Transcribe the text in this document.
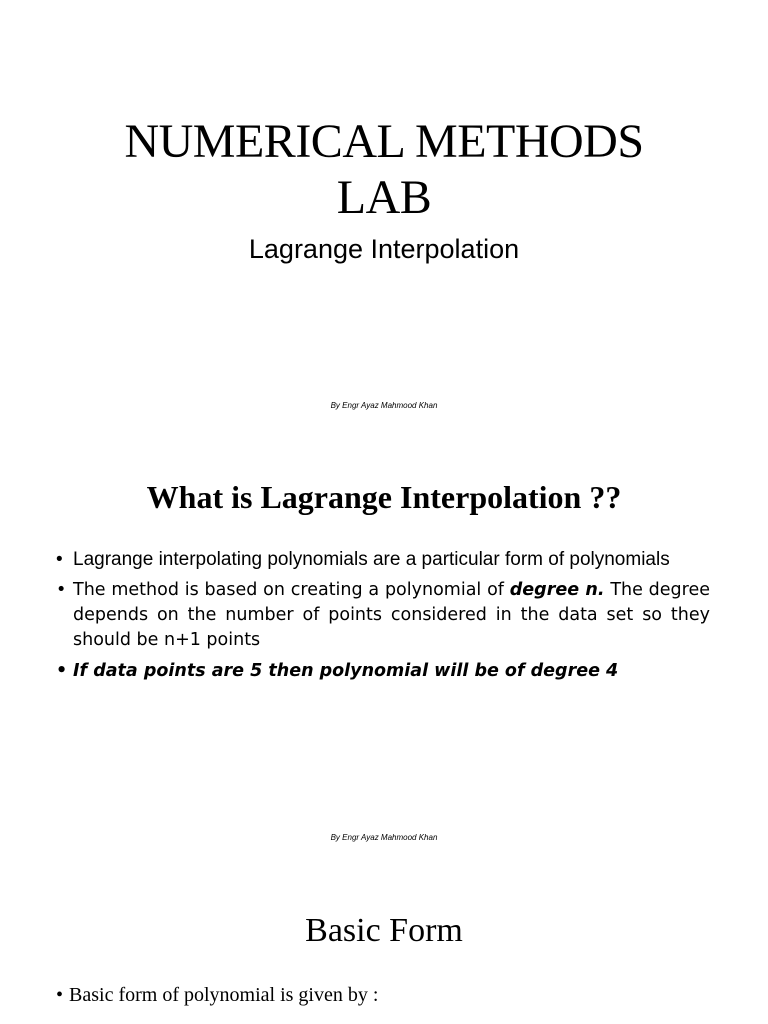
NUMERICAL METHODS
LAB
Lagrange Interpolation
By Engr Ayaz Mahmood Khan
What is Lagrange Interpolation ??
• Lagrange interpolating polynomials are a particular form of polynomials
• The method is based on creating a polynomial of degree n. The degree depends on the number of points considered in the data set so they should be n+1 points
• If data points are 5 then polynomial will be of degree 4
By Engr Ayaz Mahmood Khan
Basic Form
• Basic form of polynomial is given by :
